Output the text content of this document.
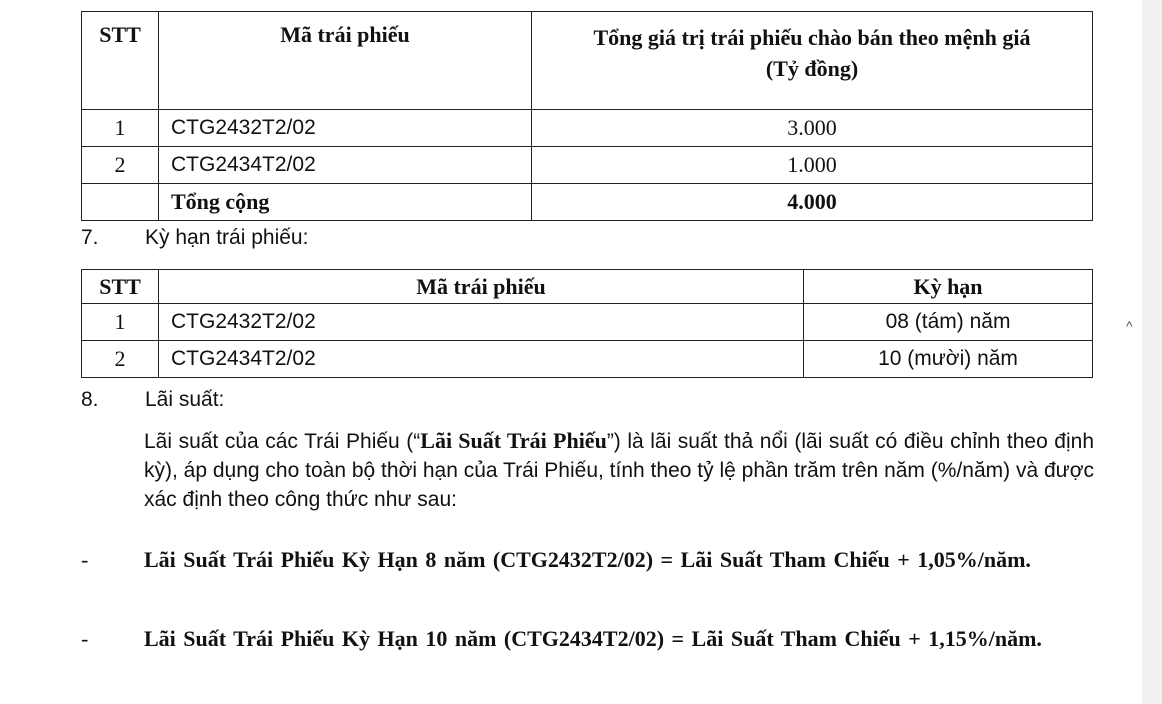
^
STT	Mã trái phiếu	Tổng giá trị trái phiếu chào bán theo mệnh giá
(Tỷ đồng)
1	CTG2432T2/02	3.000
2	CTG2434T2/02	1.000
	Tổng cộng	4.000
7. Kỳ hạn trái phiếu:
STT	Mã trái phiếu	Kỳ hạn
1	CTG2432T2/02	08 (tám) năm
2	CTG2434T2/02	10 (mười) năm
8. Lãi suất:
Lãi suất của các Trái Phiếu (“Lãi Suất Trái Phiếu”) là lãi suất thả nổi (lãi suất có điều chỉnh theo định kỳ), áp dụng cho toàn bộ thời hạn của Trái Phiếu, tính theo tỷ lệ phần trăm trên năm (%/năm) và được xác định theo công thức như sau:
-	Lãi Suất Trái Phiếu Kỳ Hạn 8 năm (CTG2432T2/02) = Lãi Suất Tham Chiếu + 1,05%/năm.
-	Lãi Suất Trái Phiếu Kỳ Hạn 10 năm (CTG2434T2/02) = Lãi Suất Tham Chiếu + 1,15%/năm.
